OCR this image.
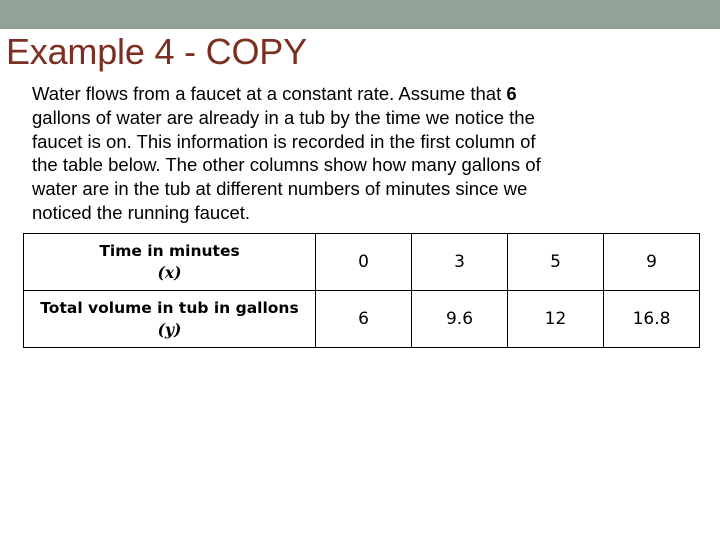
Example 4 - COPY
Water flows from a faucet at a constant rate. Assume that 6
gallons of water are already in a tub by the time we notice the
faucet is on. This information is recorded in the first column of
the table below. The other columns show how many gallons of
water are in the tub at different numbers of minutes since we
noticed the running faucet.
Time in minutes
(x)	0	3	5	9

Total volume in tub in gallons
(y)	6	9.6	12	16.8
